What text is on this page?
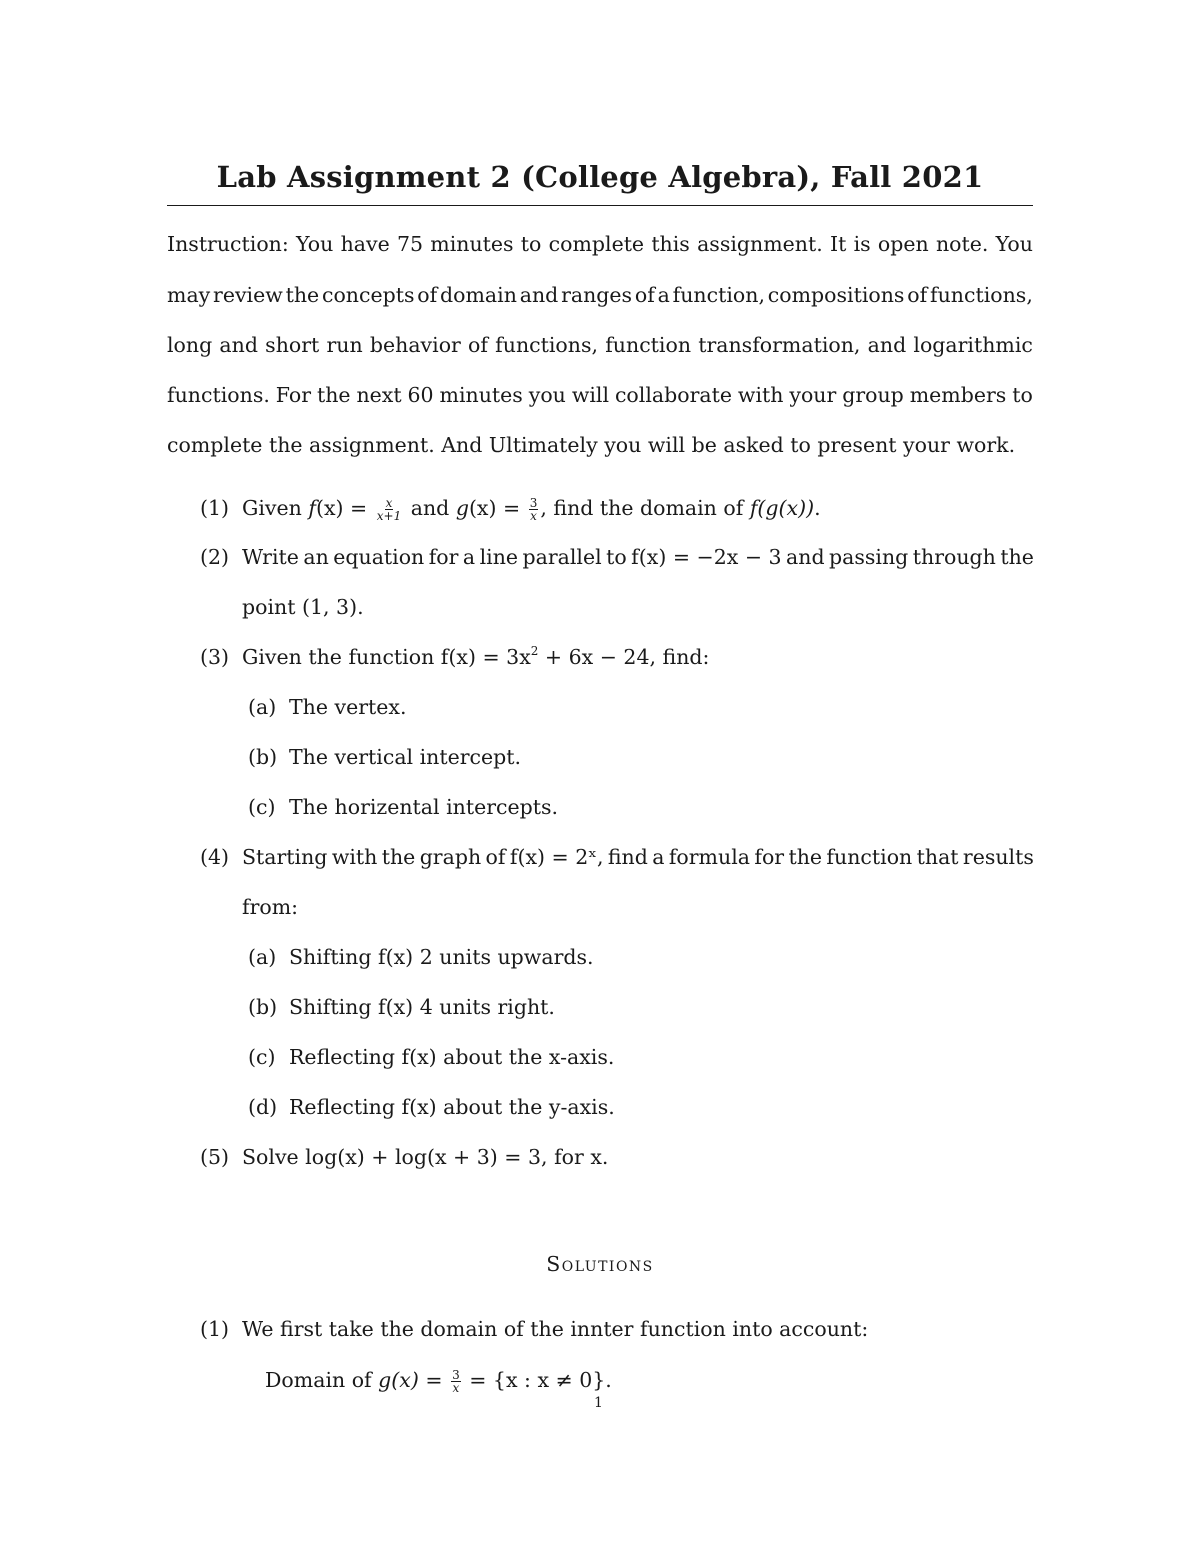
Lab Assignment 2 (College Algebra), Fall 2021
Instruction: You have 75 minutes to complete this assignment. It is open note. You
may review the concepts of domain and ranges of a function, compositions of functions,
long and short run behavior of functions, function transformation, and logarithmic
functions. For the next 60 minutes you will collaborate with your group members to
complete the assignment. And Ultimately you will be asked to present your work.
(1) Given $f(x) = \frac{x}{x+1}$ and $g(x) = \frac{3}{x}$ , find the domain of f(g(x)).
(2) Write an equation for a line parallel to f(x) = −2x − 3 and passing through the
point (1, 3).
(3) Given the function $f(x) = 3x^2 + 6x - 24$, find:
(a) The vertex.
(b) The vertical intercept.
(c) The horizental intercepts.
(4) Starting with the graph of f(x) = 2ˣ, find a formula for the function that results
from:
(a) Shifting f(x) 2 units upwards.
(b) Shifting f(x) 4 units right.
(c) Reflecting f(x) about the x-axis.
(d) Reflecting f(x) about the y-axis.
(5) Solve log(x) + log(x + 3) = 3, for x.
Solutions
(1) We first take the domain of the innter function into account:
Domain of $g(x) = \frac{3}{x} = \{x$ : x ≠ 0}.
1
